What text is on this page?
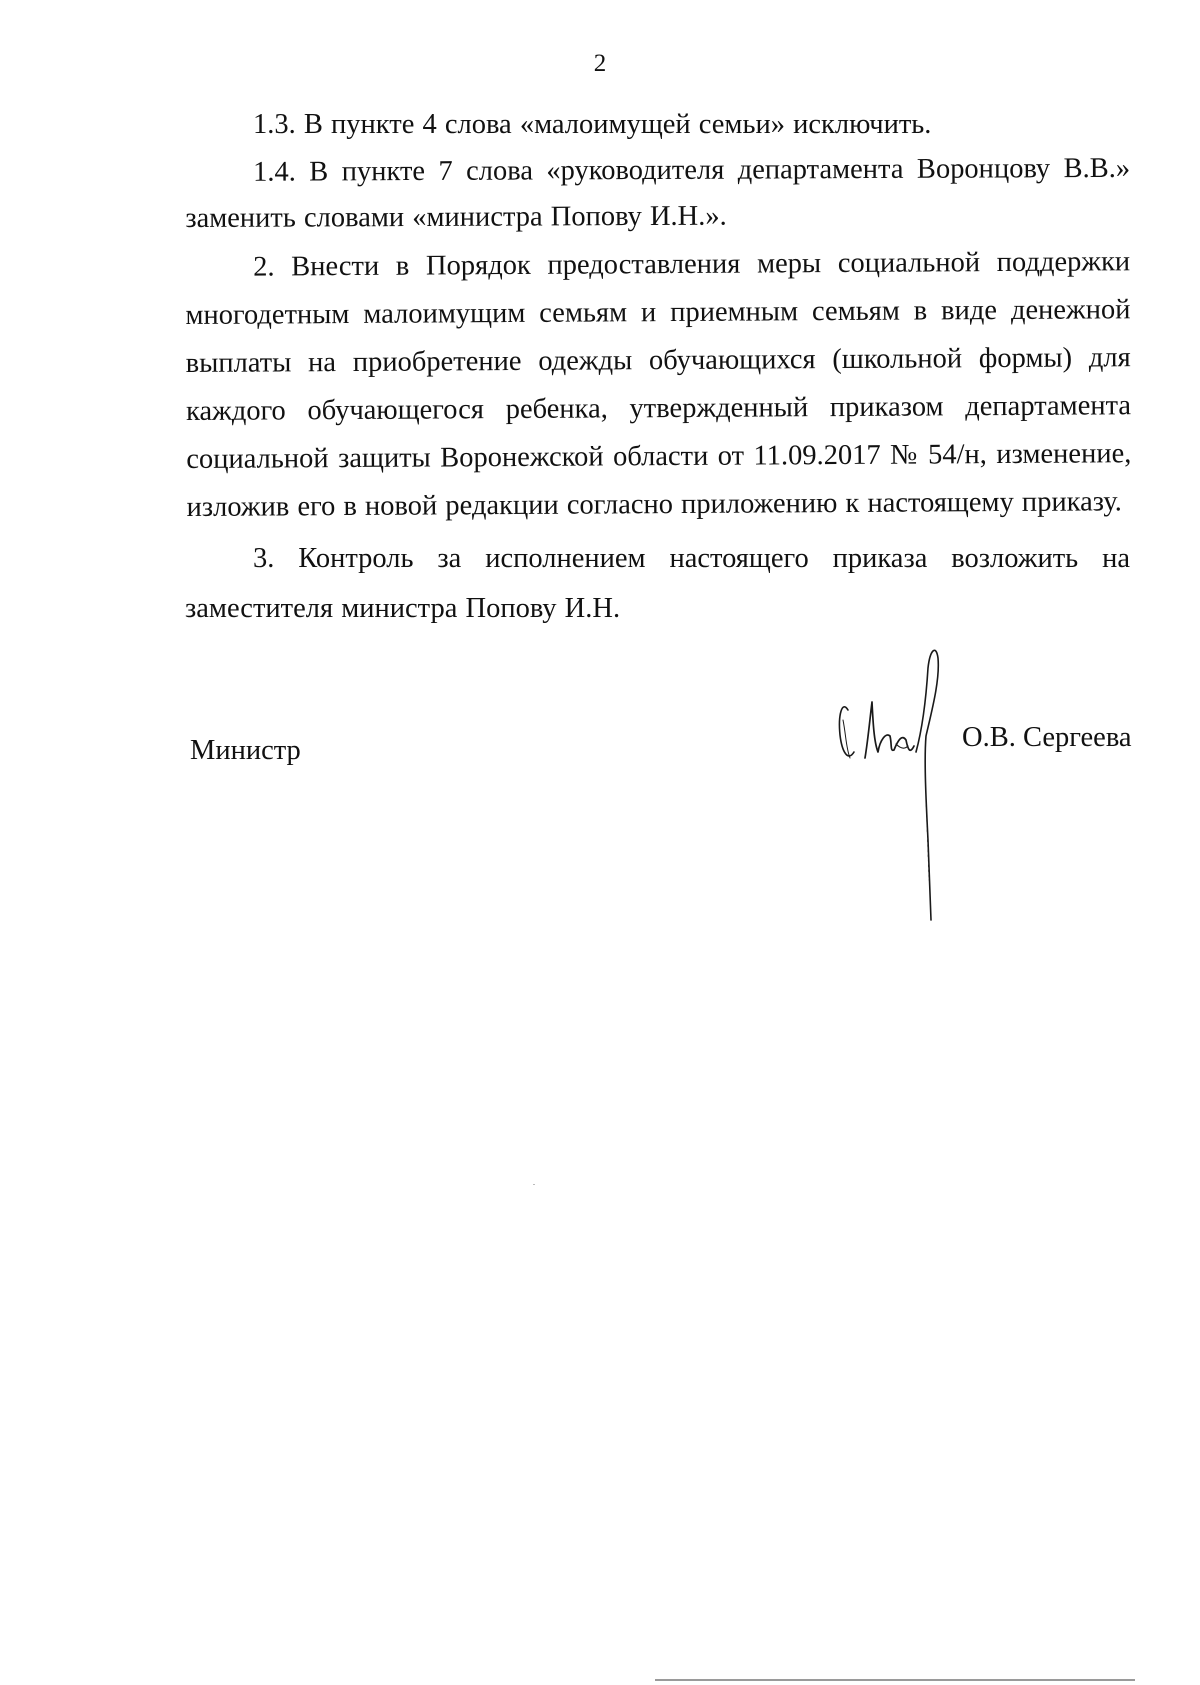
2

1.3. В пункте 4 слова «малоимущей семьи» исключить.

1.4. В пункте 7 слова «руководителя департамента Воронцову В.В.» заменить словами «министра Попову И.Н.».

2. Внести в Порядок предоставления меры социальной поддержки многодетным малоимущим семьям и приемным семьям в виде денежной выплаты на приобретение одежды обучающихся (школьной формы) для каждого обучающегося ребенка, утвержденный приказом департамента социальной защиты Воронежской области от 11.09.2017 № 54/н, изменение, изложив его в новой редакции согласно приложению к настоящему приказу.

3. Контроль за исполнением настоящего приказа возложить на заместителя министра Попову И.Н.

Министр	О.В. Сергеева
